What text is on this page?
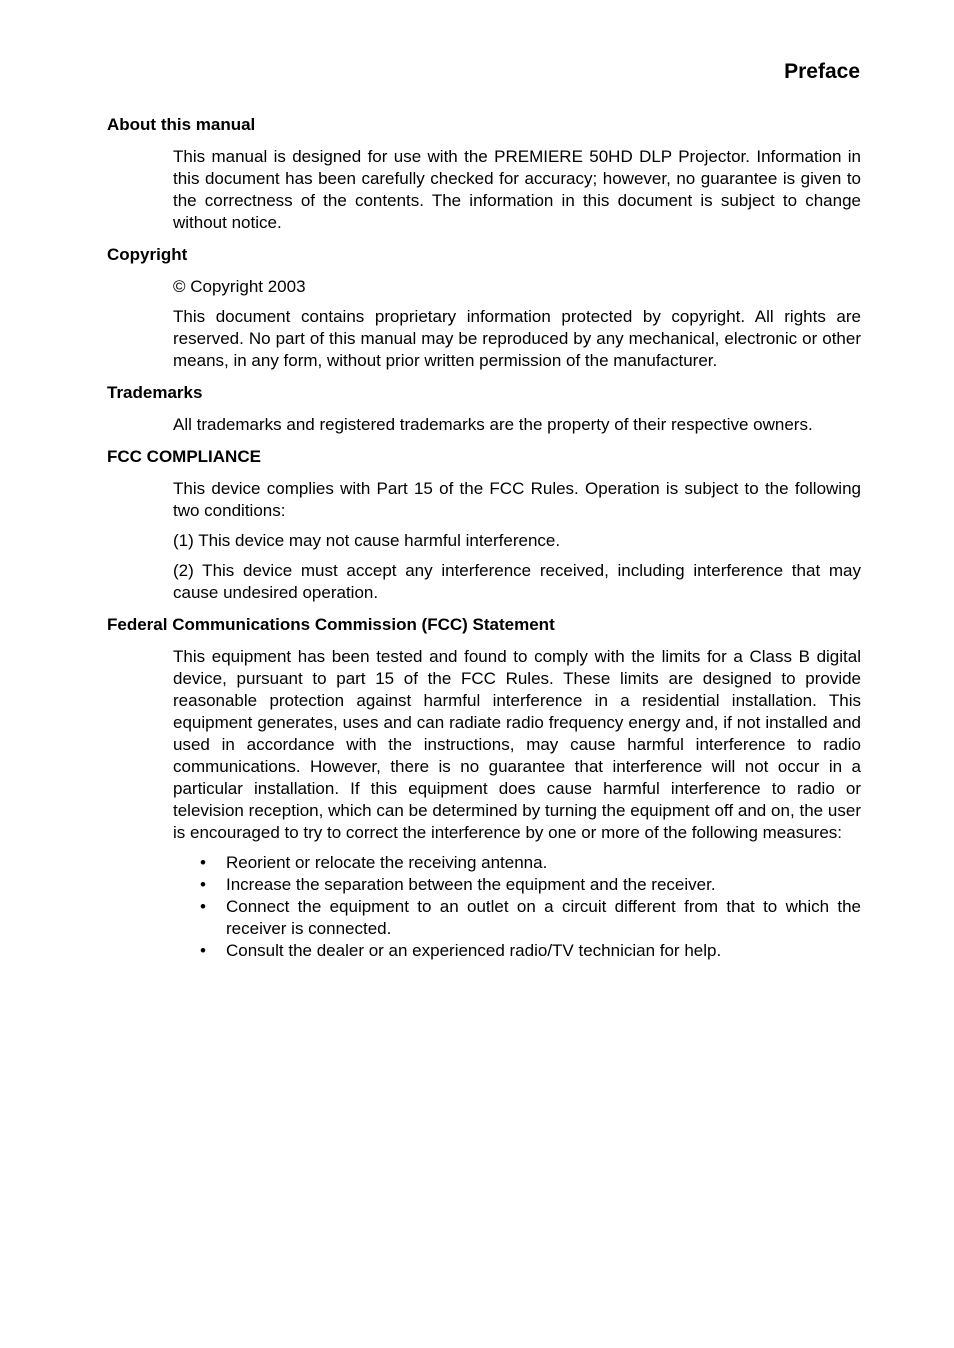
Preface
About this manual

This manual is designed for use with the PREMIERE 50HD DLP Projector. Information in this document has been carefully checked for accuracy; however, no guarantee is given to the correctness of the contents. The information in this document is subject to change without notice.

Copyright

© Copyright 2003

This document contains proprietary information protected by copyright. All rights are reserved. No part of this manual may be reproduced by any mechanical, electronic or other means, in any form, without prior written permission of the manufacturer.

Trademarks

All trademarks and registered trademarks are the property of their respective owners.

FCC COMPLIANCE

This device complies with Part 15 of the FCC Rules. Operation is subject to the following two conditions:

(1) This device may not cause harmful interference.

(2) This device must accept any interference received, including interference that may cause undesired operation.

Federal Communications Commission (FCC) Statement

This equipment has been tested and found to comply with the limits for a Class B digital device, pursuant to part 15 of the FCC Rules. These limits are designed to provide reasonable protection against harmful interference in a residential installation. This equipment generates, uses and can radiate radio frequency energy and, if not installed and used in accordance with the instructions, may cause harmful interference to radio communications. However, there is no guarantee that interference will not occur in a particular installation. If this equipment does cause harmful interference to radio or television reception, which can be determined by turning the equipment off and on, the user is encouraged to try to correct the interference by one or more of the following measures:

• Reorient or relocate the receiving antenna.
• Increase the separation between the equipment and the receiver.
• Connect the equipment to an outlet on a circuit different from that to which the receiver is connected.
• Consult the dealer or an experienced radio/TV technician for help.
